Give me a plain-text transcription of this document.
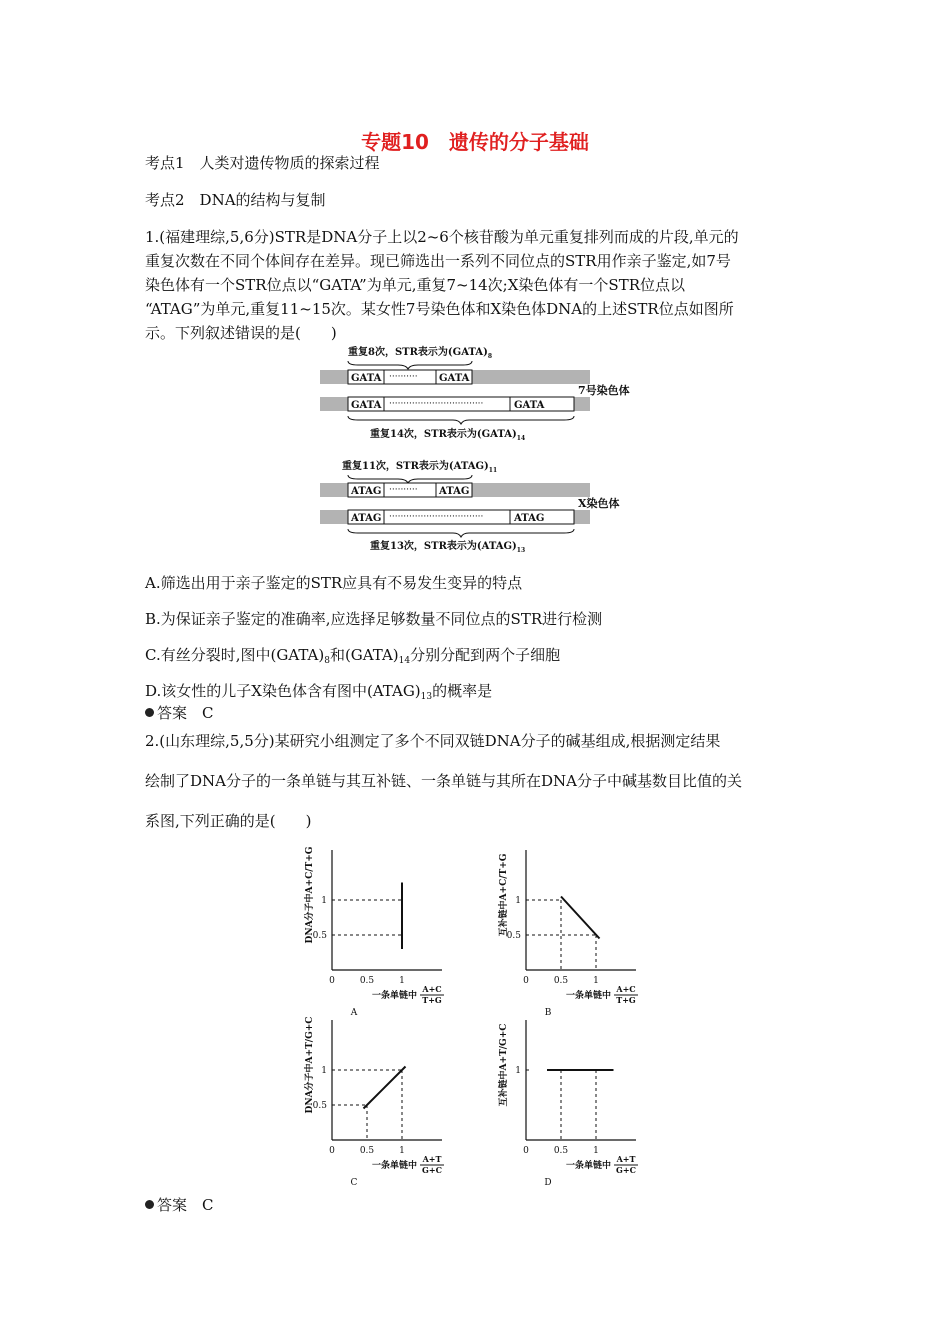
专题10　遗传的分子基础
考点1　人类对遗传物质的探索过程
考点2　DNA的结构与复制
1.(福建理综,5,6分)STR是DNA分子上以2~6个核苷酸为单元重复排列而成的片段,单元的
重复次数在不同个体间存在差异。现已筛选出一系列不同位点的STR用作亲子鉴定,如7号
染色体有一个STR位点以“GATA”为单元,重复7~14次;X染色体有一个STR位点以
“ATAG”为单元,重复11~15次。某女性7号染色体和X染色体DNA的上述STR位点如图所
示。下列叙述错误的是(　　)
重复8次，STR表示为$(GATA)_8$
GATA ·········· GATA
GATA ·································	GATA
重复14次，STR表示为$(GATA)_{14}$
7号染色体
重复11次，STR表示为$(ATAG)_{11}$
ATAG ·········· ATAG
ATAG ·································	ATAG
重复13次，STR表示为$(ATAG)_{13}$
X染色体
A.筛选出用于亲子鉴定的STR应具有不易发生变异的特点
B.为保证亲子鉴定的准确率,应选择足够数量不同位点的STR进行检测
C.有丝分裂时,图中$(GATA)_8$和$(GATA)_{14}$分别分配到两个子细胞
D.该女性的儿子X染色体含有图中$(ATAG)_{13}$的概率是
答案　C
2.(山东理综,5,5分)某研究小组测定了多个不同双链DNA分子的碱基组成,根据测定结果
绘制了DNA分子的一条单链与其互补链、一条单链与其所在DNA分子中碱基数目比值的关
系图,下列正确的是(　　)
0	0.5	1
0.5
1
DNA分子中A+C/T+G
一条单链中
A+C
T+G
A
0	0.5	1
0.5
1
互补链中A+C/T+G
一条单链中
A+C
T+G
B
0	0.5	1
0.5
1
DNA分子中A+T/G+C
一条单链中
A+T
G+C
C
0	0.5	1
1
互补链中A+T/G+C
一条单链中
A+T
G+C
D
答案　C
